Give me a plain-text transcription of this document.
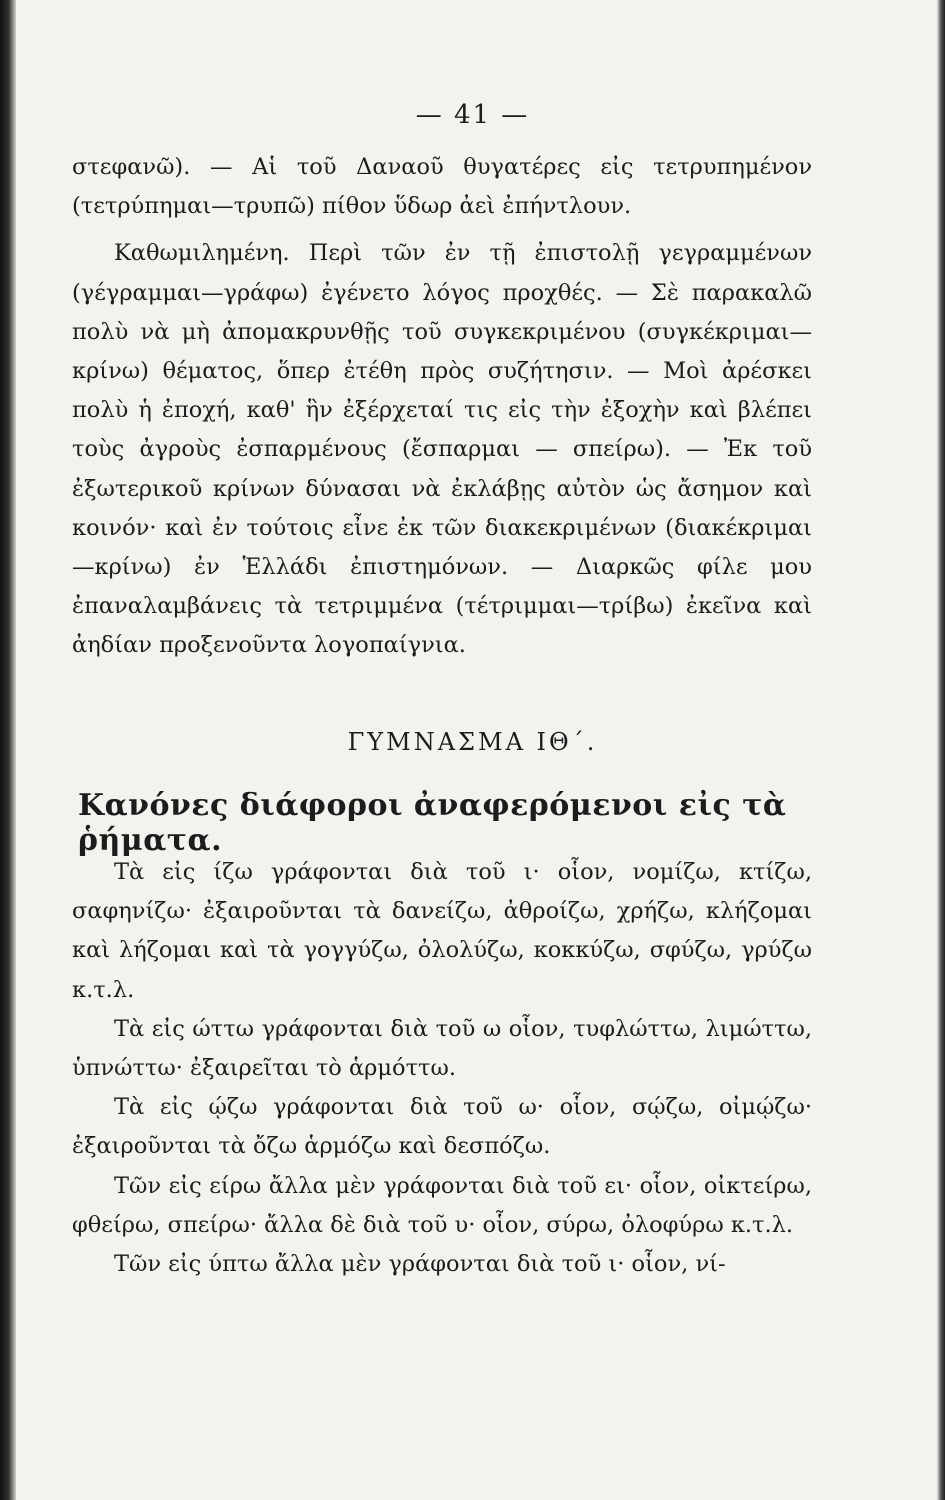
— 41 —

στεφανῶ). — Αἱ τοῦ Δαναοῦ θυγατέρες εἰς τετρυπημένον (τετρύπημαι—τρυπῶ) πίθον ὕδωρ ἀεὶ ἐπήντλουν.

Καθωμιλημένη. Περὶ τῶν ἐν τῇ ἐπιστολῇ γεγραμμένων (γέγραμμαι—γράφω) ἐγένετο λόγος προχθές. — Σὲ παρακαλῶ πολὺ νὰ μὴ ἀπομακρυνθῇς τοῦ συγκεκριμένου (συγκέκριμαι—κρίνω) θέματος, ὅπερ ἐτέθη πρὸς συζήτησιν. — Μοὶ ἀρέσκει πολὺ ἡ ἐποχή, καθ' ἣν ἐξέρχεταί τις εἰς τὴν ἐξοχὴν καὶ βλέπει τοὺς ἀγροὺς ἐσπαρμένους (ἔσπαρμαι — σπείρω). — Ἐκ τοῦ ἐξωτερικοῦ κρίνων δύνασαι νὰ ἐκλάβῃς αὐτὸν ὡς ἄσημον καὶ κοινόν· καὶ ἐν τούτοις εἶνε ἐκ τῶν διακεκριμένων (διακέκριμαι—κρίνω) ἐν Ἑλλάδι ἐπιστημόνων. — Διαρκῶς φίλε μου ἐπαναλαμβάνεις τὰ τετριμμένα (τέτριμμαι—τρίβω) ἐκεῖνα καὶ ἀηδίαν προξενοῦντα λογοπαίγνια.

ΓΥΜΝΑΣΜΑ ΙΘ΄.
Κανόνες διάφοροι ἀναφερόμενοι εἰς τὰ ῥήματα.

Τὰ εἰς ίζω γράφονται διὰ τοῦ ι· οἷον, νομίζω, κτίζω, σαφηνίζω· ἐξαιροῦνται τὰ δανείζω, ἀθροίζω, χρήζω, κλήζομαι καὶ λήζομαι καὶ τὰ γογγύζω, ὀλολύζω, κοκκύζω, σφύζω, γρύζω κ.τ.λ.

Τὰ εἰς ώττω γράφονται διὰ τοῦ ω οἷον, τυφλώττω, λιμώττω, ὑπνώττω· ἐξαιρεῖται τὸ ἁρμόττω.

Τὰ εἰς ῴζω γράφονται διὰ τοῦ ω· οἷον, σῴζω, οἰμῴζω· ἐξαιροῦνται τὰ ὄζω ἁρμόζω καὶ δεσπόζω.

Τῶν εἰς είρω ἄλλα μὲν γράφονται διὰ τοῦ ει· οἷον, οἰκτείρω, φθείρω, σπείρω· ἄλλα δὲ διὰ τοῦ υ· οἷον, σύρω, ὀλοφύρω κ.τ.λ.

Τῶν εἰς ύπτω ἄλλα μὲν γράφονται διὰ τοῦ ι· οἷον, νί-
